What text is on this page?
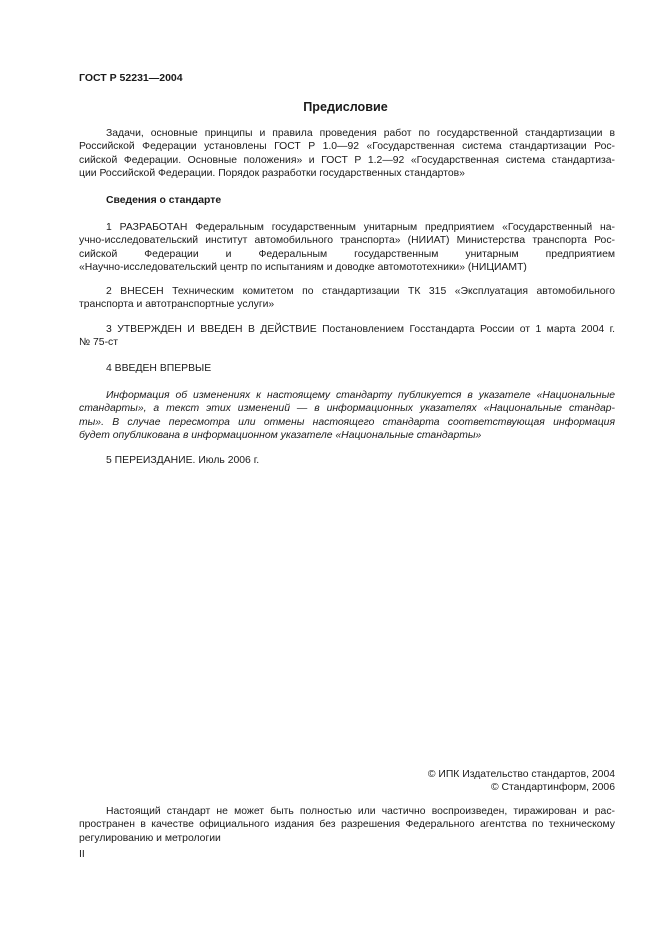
ГОСТ Р 52231—2004
Предисловие
Задачи, основные принципы и правила проведения работ по государственной стандартизации в
Российской Федерации установлены ГОСТ Р 1.0—92 «Государственная система стандартизации Рос-
сийской Федерации. Основные положения» и ГОСТ Р 1.2—92 «Государственная система стандартиза-
ции Российской Федерации. Порядок разработки государственных стандартов»
Сведения о стандарте
1 РАЗРАБОТАН Федеральным государственным унитарным предприятием «Государственный на-
учно-исследовательский институт автомобильного транспорта» (НИИАТ) Министерства транспорта Рос-
сийской Федерации и Федеральным государственным унитарным предприятием
«Научно-исследовательский центр по испытаниям и доводке автомототехники» (НИЦИАМТ)
2 ВНЕСЕН Техническим комитетом по стандартизации ТК 315 «Эксплуатация автомобильного
транспорта и автотранспортные услуги»
3 УТВЕРЖДЕН И ВВЕДЕН В ДЕЙСТВИЕ Постановлением Госстандарта России от 1 марта 2004 г.
№ 75-ст
4 ВВЕДЕН ВПЕРВЫЕ
Информация об изменениях к настоящему стандарту публикуется в указателе «Национальные
стандарты», а текст этих изменений — в информационных указателях «Национальные стандар-
ты». В случае пересмотра или отмены настоящего стандарта соответствующая информация
будет опубликована в информационном указателе «Национальные стандарты»
5 ПЕРЕИЗДАНИЕ. Июль 2006 г.
© ИПК Издательство стандартов, 2004
© Стандартинформ, 2006
Настоящий стандарт не может быть полностью или частично воспроизведен, тиражирован и рас-
пространен в качестве официального издания без разрешения Федерального агентства по техническому
регулированию и метрологии
II
